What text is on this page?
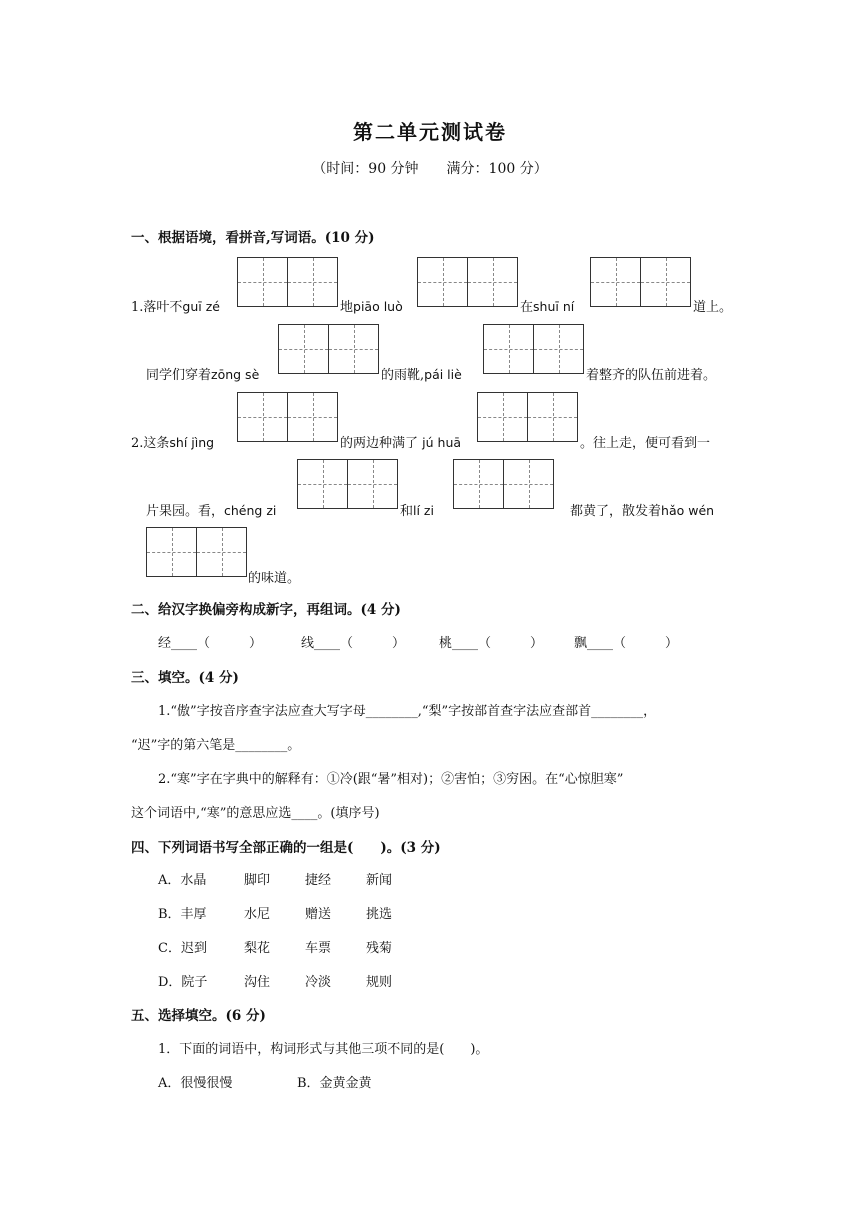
第二单元测试卷
（时间：90 分钟　　满分：100 分）
一、根据语境，看拼音,写词语。(10 分)
1.落叶不guī zé	地piāo luò	在shuī ní	道上。
同学们穿着zōng sè	的雨靴,pái liè	着整齐的队伍前进着。
2.这条shí jìng	的两边种满了 jú huā	。往上走，便可看到一
片果园。看，chéng zi	和lí zi	都黄了，散发着hǎo wén
的味道。
二、给汉字换偏旁构成新字，再组词。(4 分)
经____（　　　）	线____（　　　）	桃____（　　　） 飘____（　　　）
三、填空。(4 分)
1.“傲”字按音序查字法应查大写字母________,“梨”字按部首查字法应查部首________，
“迟”字的第六笔是________。
2.“寒”字在字典中的解释有：①冷(跟“暑”相对)；②害怕；③穷困。在“心惊胆寒”
这个词语中,“寒”的意思应选____。(填序号)
四、下列词语书写全部正确的一组是(　　)。(3 分)
A．水晶	脚印	捷经	新闻
B．丰厚	水尼	赠送	挑选
C．迟到	梨花	车票	残菊
D．院子	沟住	冷淡	规则
五、选择填空。(6 分)
1．下面的词语中，构词形式与其他三项不同的是(　　)。
A．很慢很慢	B．金黄金黄
